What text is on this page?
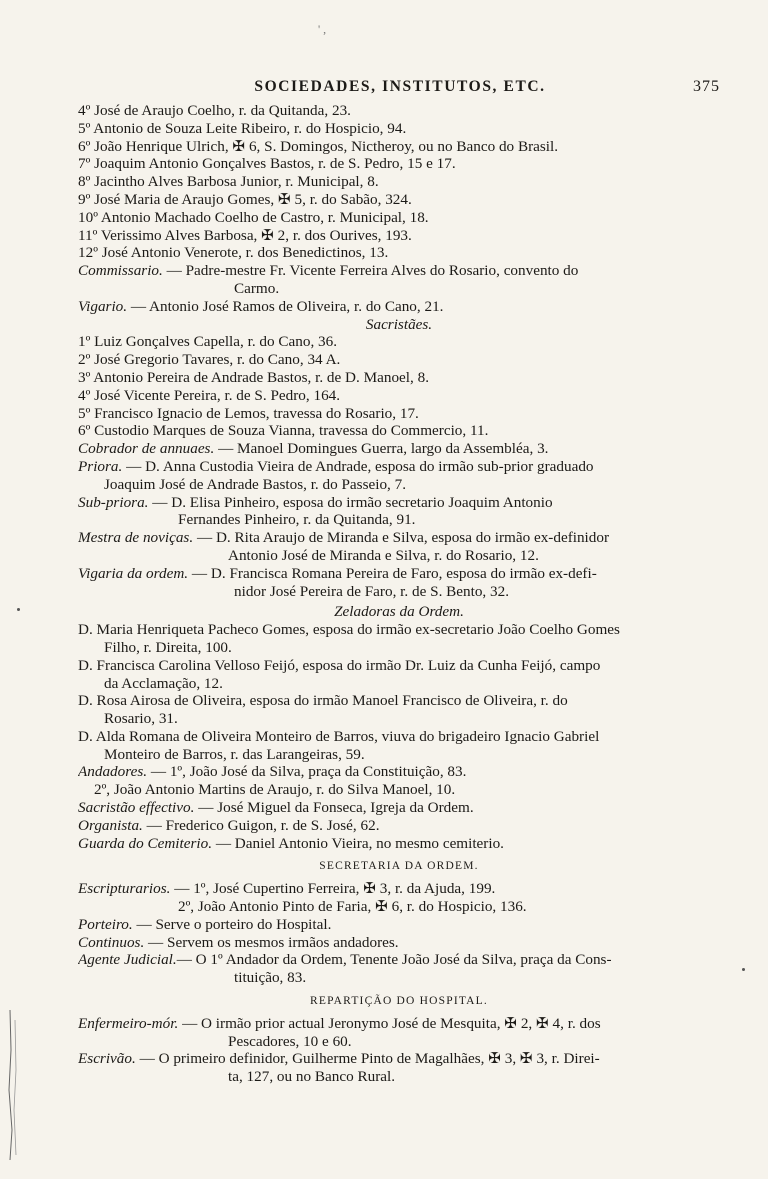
' ,
SOCIEDADES, INSTITUTOS, ETC.	375
4º José de Araujo Coelho, r. da Quitanda, 23.
5º Antonio de Souza Leite Ribeiro, r. do Hospicio, 94.
6º João Henrique Ulrich, ✠ 6, S. Domingos, Nictheroy, ou no Banco do Brasil.
7º Joaquim Antonio Gonçalves Bastos, r. de S. Pedro, 15 e 17.
8º Jacintho Alves Barbosa Junior, r. Municipal, 8.
9º José Maria de Araujo Gomes, ✠ 5, r. do Sabão, 324.
10º Antonio Machado Coelho de Castro, r. Municipal, 18.
11º Verissimo Alves Barbosa, ✠ 2, r. dos Ourives, 193.
12º José Antonio Venerote, r. dos Benedictinos, 13.
Commissario. — Padre-mestre Fr. Vicente Ferreira Alves do Rosario, convento do
Carmo.
Vigario. — Antonio José Ramos de Oliveira, r. do Cano, 21.
Sacristães.
1º Luiz Gonçalves Capella, r. do Cano, 36.
2º José Gregorio Tavares, r. do Cano, 34 A.
3º Antonio Pereira de Andrade Bastos, r. de D. Manoel, 8.
4º José Vicente Pereira, r. de S. Pedro, 164.
5º Francisco Ignacio de Lemos, travessa do Rosario, 17.
6º Custodio Marques de Souza Vianna, travessa do Commercio, 11.
Cobrador de annuaes. — Manoel Domingues Guerra, largo da Assembléa, 3.
Priora. — D. Anna Custodia Vieira de Andrade, esposa do irmão sub-prior graduado
Joaquim José de Andrade Bastos, r. do Passeio, 7.
Sub-priora. — D. Elisa Pinheiro, esposa do irmão secretario Joaquim Antonio
Fernandes Pinheiro, r. da Quitanda, 91.
Mestra de noviças. — D. Rita Araujo de Miranda e Silva, esposa do irmão ex-definidor
Antonio José de Miranda e Silva, r. do Rosario, 12.
Vigaria da ordem. — D. Francisca Romana Pereira de Faro, esposa do irmão ex-defi-
nidor José Pereira de Faro, r. de S. Bento, 32.
Zeladoras da Ordem.
D. Maria Henriqueta Pacheco Gomes, esposa do irmão ex-secretario João Coelho Gomes
Filho, r. Direita, 100.
D. Francisca Carolina Velloso Feijó, esposa do irmão Dr. Luiz da Cunha Feijó, campo
da Acclamação, 12.
D. Rosa Airosa de Oliveira, esposa do irmão Manoel Francisco de Oliveira, r. do
Rosario, 31.
D. Alda Romana de Oliveira Monteiro de Barros, viuva do brigadeiro Ignacio Gabriel
Monteiro de Barros, r. das Larangeiras, 59.
Andadores. — 1º, João José da Silva, praça da Constituição, 83.
2º, João Antonio Martins de Araujo, r. do Silva Manoel, 10.
Sacristão effectivo. — José Miguel da Fonseca, Igreja da Ordem.
Organista. — Frederico Guigon, r. de S. José, 62.
Guarda do Cemiterio. — Daniel Antonio Vieira, no mesmo cemiterio.
SECRETARIA DA ORDEM.
Escripturarios. — 1º, José Cupertino Ferreira, ✠ 3, r. da Ajuda, 199.
2º, João Antonio Pinto de Faria, ✠ 6, r. do Hospicio, 136.
Porteiro. — Serve o porteiro do Hospital.
Continuos. — Servem os mesmos irmãos andadores.
Agente Judicial.— O 1º Andador da Ordem, Tenente João José da Silva, praça da Cons-
tituição, 83.
REPARTIÇÃO DO HOSPITAL.
Enfermeiro-mór. — O irmão prior actual Jeronymo José de Mesquita, ✠ 2, ✠ 4, r. dos
Pescadores, 10 e 60.
Escrivão. — O primeiro definidor, Guilherme Pinto de Magalhães, ✠ 3, ✠ 3, r. Direi-
ta, 127, ou no Banco Rural.
